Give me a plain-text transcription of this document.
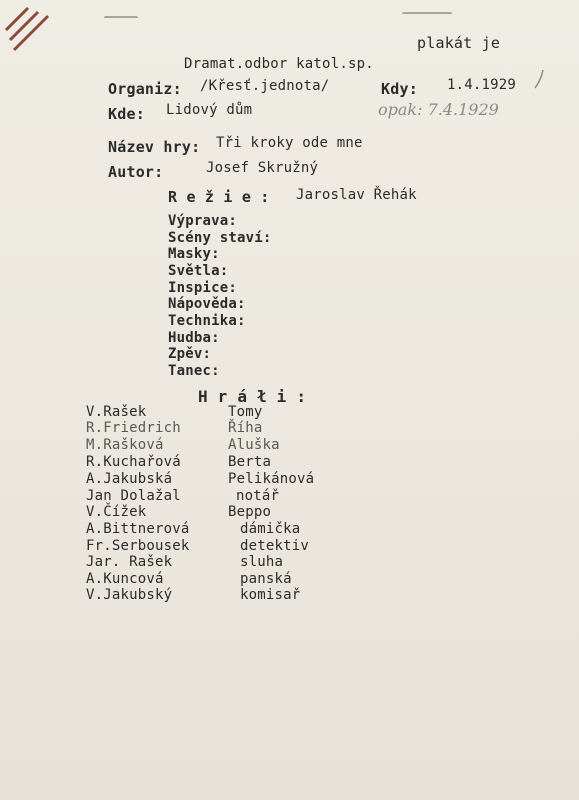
plakát je
Dramat.odbor katol.sp.
Organiz: /Křesť.jednota/	Kdy: 1.4.1929
Kde: Lidový dům	opak: 7.4.1929
Název hry: Tři kroky ode mne
Autor:	Josef Skružný
R e ž i e : Jaroslav Řehák
Výprava:
Scény staví:
Masky:
Světla:
Inspice:
Nápověda:
Technika:
Hudba:
Zpěv:
Tanec:
H r á ł i :
V.Rašek	Tomy
R.Friedrich	Říha
M.Rašková	Aluška
R.Kuchařová	Berta
A.Jakubská	Pelikánová
Jan Dolažal	notář
V.Čížek	Beppo
A.Bittnerová	dámička
Fr.Serbousek	detektiv
Jar. Rašek	sluha
A.Kuncová	panská
V.Jakubský	komisař
